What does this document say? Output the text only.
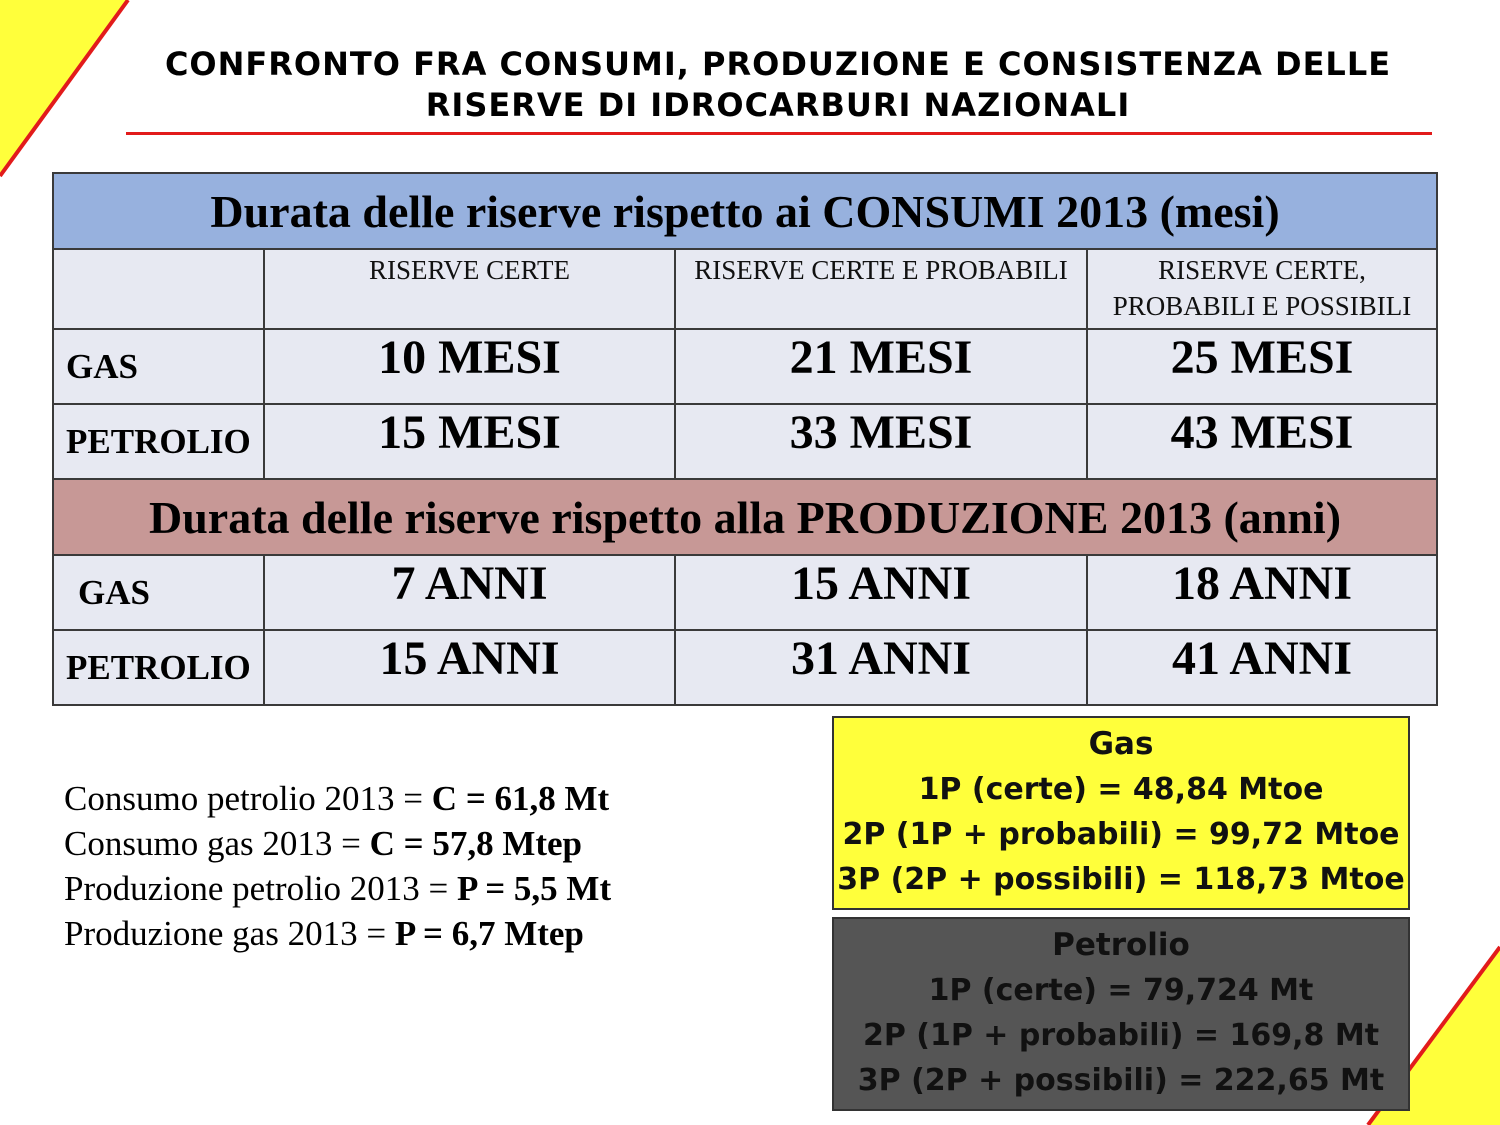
CONFRONTO FRA CONSUMI, PRODUZIONE E CONSISTENZA DELLE
RISERVE DI IDROCARBURI NAZIONALI
Durata delle riserve rispetto ai CONSUMI 2013 (mesi)			

	RISERVE CERTE	RISERVE CERTE E PROBABILI	RISERVE CERTE,
PROBABILI E POSSIBILI

GAS	10 MESI	21 MESI	25 MESI
PETROLIO	15 MESI	33 MESI	43 MESI
Durata delle riserve rispetto alla PRODUZIONE 2013 (anni)			
GAS	7 ANNI	15 ANNI	18 ANNI
PETROLIO	15 ANNI	31 ANNI	41 ANNI
Consumo petrolio 2013 = C = 61,8 Mt
Consumo gas 2013 = C = 57,8 Mtep
Produzione petrolio 2013 = P = 5,5 Mt
Produzione gas 2013 = P = 6,7 Mtep
Gas
1P (certe) = 48,84 Mtoe
2P (1P + probabili) = 99,72 Mtoe
3P (2P + possibili) = 118,73 Mtoe
Petrolio
1P (certe) = 79,724 Mt
2P (1P + probabili) = 169,8 Mt
3P (2P + possibili) = 222,65 Mt
